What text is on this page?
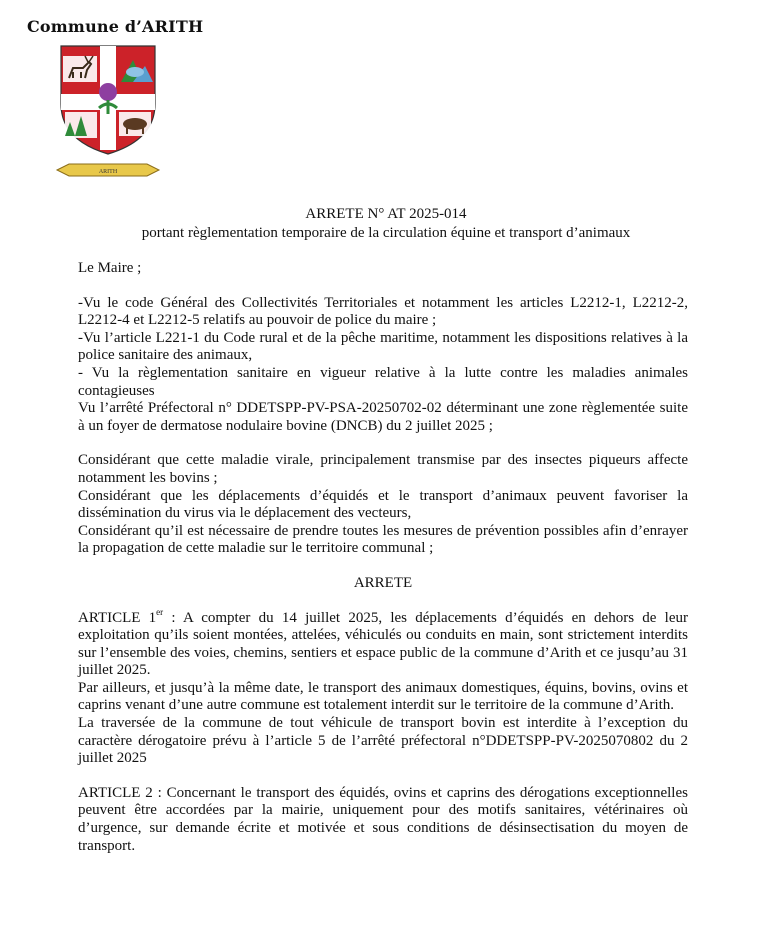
Commune d’ARITH
ARITH

ARRETE N° AT 2025-014

portant règlementation temporaire de la circulation équine et transport d’animaux

Le Maire ;

-Vu le code Général des Collectivités Territoriales et notamment les articles L2212-1, L2212-2, L2212-4 et L2212-5 relatifs au pouvoir de police du maire ;

-Vu l’article L221-1 du Code rural et de la pêche maritime, notamment les dispositions relatives à la police sanitaire des animaux,

- Vu la règlementation sanitaire en vigueur relative à la lutte contre les maladies animales contagieuses

Vu l’arrêté Préfectoral n° DDETSPP-PV-PSA-20250702-02 déterminant une zone règlementée suite à un foyer de dermatose nodulaire bovine (DNCB) du 2 juillet 2025 ;

Considérant que cette maladie virale, principalement transmise par des insectes piqueurs affecte notamment les bovins ;

Considérant que les déplacements d’équidés et le transport d’animaux peuvent favoriser la dissémination du virus via le déplacement des vecteurs,

Considérant qu’il est nécessaire de prendre toutes les mesures de prévention possibles afin d’enrayer la propagation de cette maladie sur le territoire communal ;

ARRETE

ARTICLE 1er : A compter du 14 juillet 2025, les déplacements d’équidés en dehors de leur exploitation qu’ils soient montées, attelées, véhiculés ou conduits en main, sont strictement interdits sur l’ensemble des voies, chemins, sentiers et espace public de la commune d’Arith et ce jusqu’au 31 juillet 2025.

Par ailleurs, et jusqu’à la même date, le transport des animaux domestiques, équins, bovins, ovins et caprins venant d’une autre commune est totalement interdit sur le territoire de la commune d’Arith.

La traversée de la commune de tout véhicule de transport bovin est interdite à l’exception du caractère dérogatoire prévu à l’article 5 de l’arrêté préfectoral n°DDETSPP-PV-2025070802 du 2 juillet 2025

ARTICLE 2 : Concernant le transport des équidés, ovins et caprins des dérogations exceptionnelles peuvent être accordées par la mairie, uniquement pour des motifs sanitaires, vétérinaires où d’urgence, sur demande écrite et motivée et sous conditions de désinsectisation du moyen de transport.
